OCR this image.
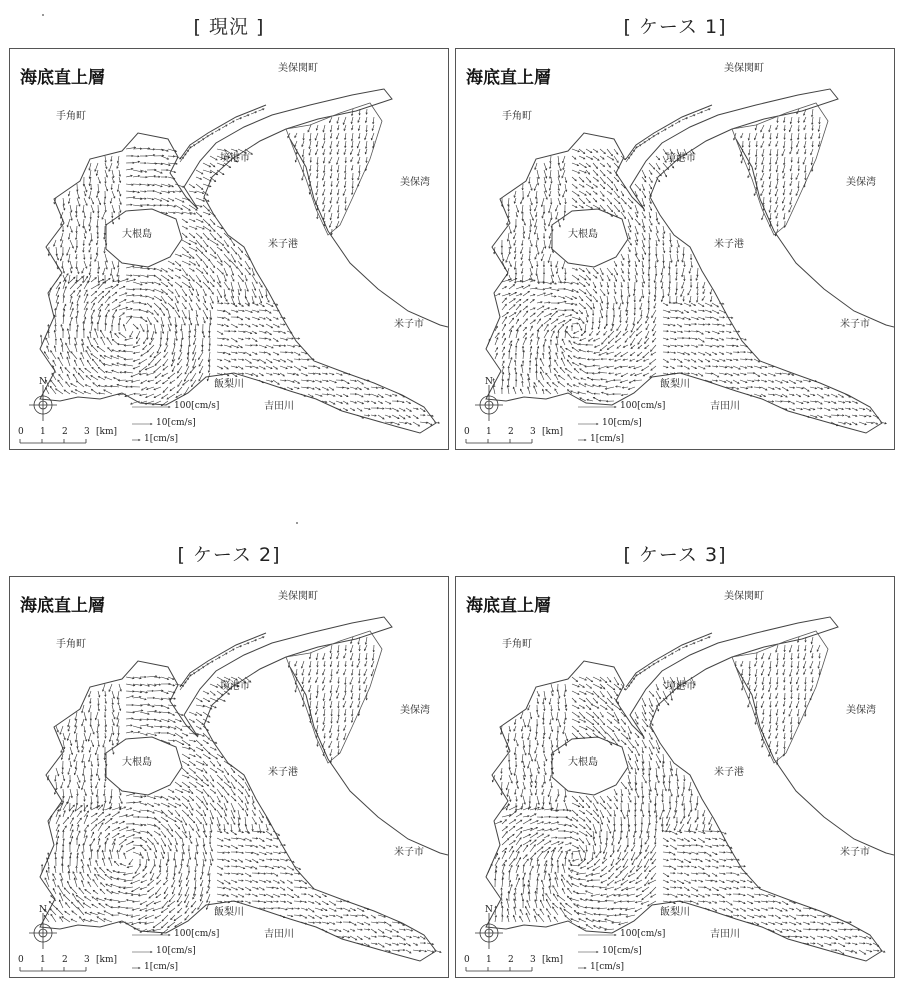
[ 現況 ]
海底直上層	美保関町
手角町
境港市
美保湾
大根島
米子港
米子市
飯梨川
吉田川
N
0 1 2 3 [km]
100[cm/s]
10[cm/s]
1[cm/s]
[ ケース 1]
海底直上層	美保関町
手角町
境港市
美保湾
大根島
米子港
米子市
飯梨川
吉田川
N
0 1 2 3 [km]
100[cm/s]
10[cm/s]
1[cm/s]
[ ケース 2]
海底直上層	美保関町
手角町
境港市
美保湾
大根島
米子港
米子市
飯梨川
吉田川
N
0 1 2 3 [km]
100[cm/s]
10[cm/s]
1[cm/s]
[ ケース 3]
海底直上層	美保関町
手角町
境港市
美保湾
大根島
米子港
米子市
飯梨川
吉田川
N
0 1 2 3 [km]
100[cm/s]
10[cm/s]
1[cm/s]
